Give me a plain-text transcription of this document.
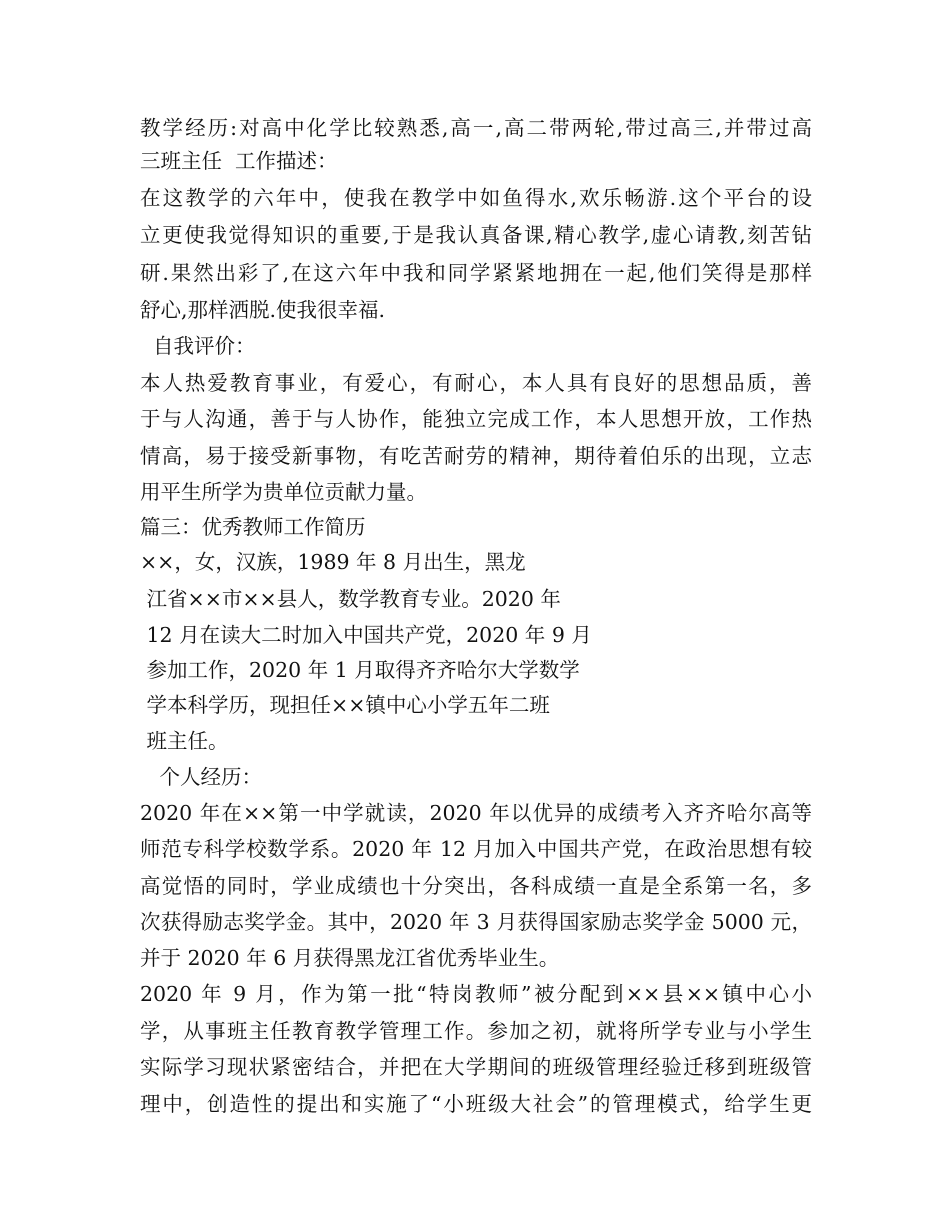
教学经历:对高中化学比较熟悉,高一,高二带两轮,带过高三,并带过高
三班主任  工作描述：
在这教学的六年中，使我在教学中如鱼得水,欢乐畅游.这个平台的设
立更使我觉得知识的重要,于是我认真备课,精心教学,虚心请教,刻苦钻
研.果然出彩了,在这六年中我和同学紧紧地拥在一起,他们笑得是那样
舒心,那样洒脱.使我很幸福.
自我评价：
本人热爱教育事业，有爱心，有耐心，本人具有良好的思想品质，善
于与人沟通，善于与人协作，能独立完成工作，本人思想开放，工作热
情高，易于接受新事物，有吃苦耐劳的精神，期待着伯乐的出现，立志
用平生所学为贵单位贡献力量。
篇三：优秀教师工作简历
××，女，汉族，1989 年 8 月出生，黑龙
江省××市××县人，数学教育专业。2020 年
12 月在读大二时加入中国共产党，2020 年 9 月
参加工作，2020 年 1 月取得齐齐哈尔大学数学
学本科学历，现担任××镇中心小学五年二班
班主任。
个人经历：
2020 年在××第一中学就读，2020 年以优异的成绩考入齐齐哈尔高等
师范专科学校数学系。2020 年 12 月加入中国共产党，在政治思想有较
高觉悟的同时，学业成绩也十分突出，各科成绩一直是全系第一名，多
次获得励志奖学金。其中，2020 年 3 月获得国家励志奖学金 5000 元，
并于 2020 年 6 月获得黑龙江省优秀毕业生。
2020 年 9 月，作为第一批“特岗教师”被分配到××县××镇中心小
学，从事班主任教育教学管理工作。参加之初，就将所学专业与小学生
实际学习现状紧密结合，并把在大学期间的班级管理经验迁移到班级管
理中，创造性的提出和实施了“小班级大社会”的管理模式，给学生更
